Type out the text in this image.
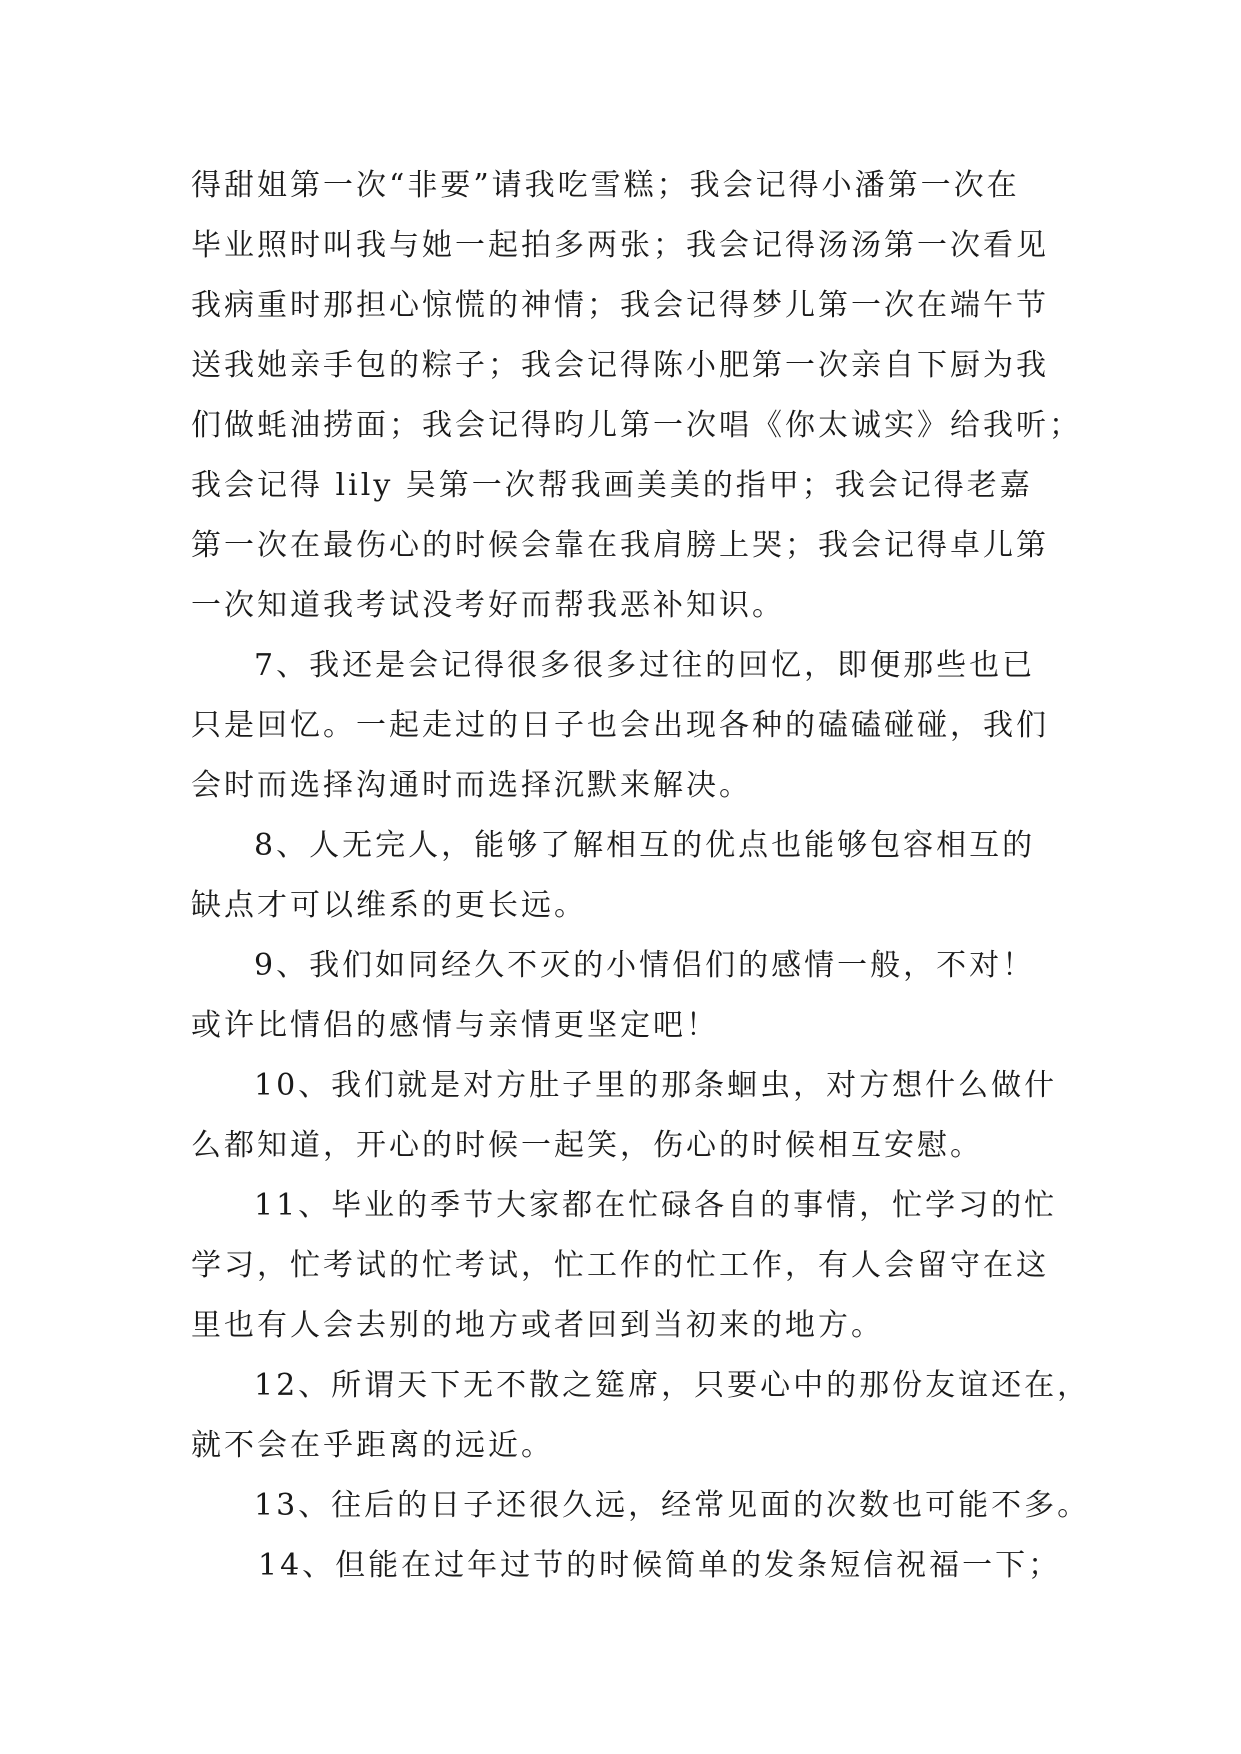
得甜姐第一次“非要”请我吃雪糕；我会记得小潘第一次在
毕业照时叫我与她一起拍多两张；我会记得汤汤第一次看见
我病重时那担心惊慌的神情；我会记得梦儿第一次在端午节
送我她亲手包的粽子；我会记得陈小肥第一次亲自下厨为我
们做蚝油捞面；我会记得昀儿第一次唱《你太诚实》给我听；
我会记得 lily 吴第一次帮我画美美的指甲；我会记得老嘉
第一次在最伤心的时候会靠在我肩膀上哭；我会记得卓儿第
一次知道我考试没考好而帮我恶补知识。
7、我还是会记得很多很多过往的回忆，即便那些也已
只是回忆。一起走过的日子也会出现各种的磕磕碰碰，我们
会时而选择沟通时而选择沉默来解决。
8、人无完人，能够了解相互的优点也能够包容相互的
缺点才可以维系的更长远。
9、我们如同经久不灭的小情侣们的感情一般，不对！
或许比情侣的感情与亲情更坚定吧！
10、我们就是对方肚子里的那条蛔虫，对方想什么做什
么都知道，开心的时候一起笑，伤心的时候相互安慰。
11、毕业的季节大家都在忙碌各自的事情，忙学习的忙
学习，忙考试的忙考试，忙工作的忙工作，有人会留守在这
里也有人会去别的地方或者回到当初来的地方。
12、所谓天下无不散之筵席，只要心中的那份友谊还在，
就不会在乎距离的远近。
13、往后的日子还很久远，经常见面的次数也可能不多。
14、但能在过年过节的时候简单的发条短信祝福一下；
